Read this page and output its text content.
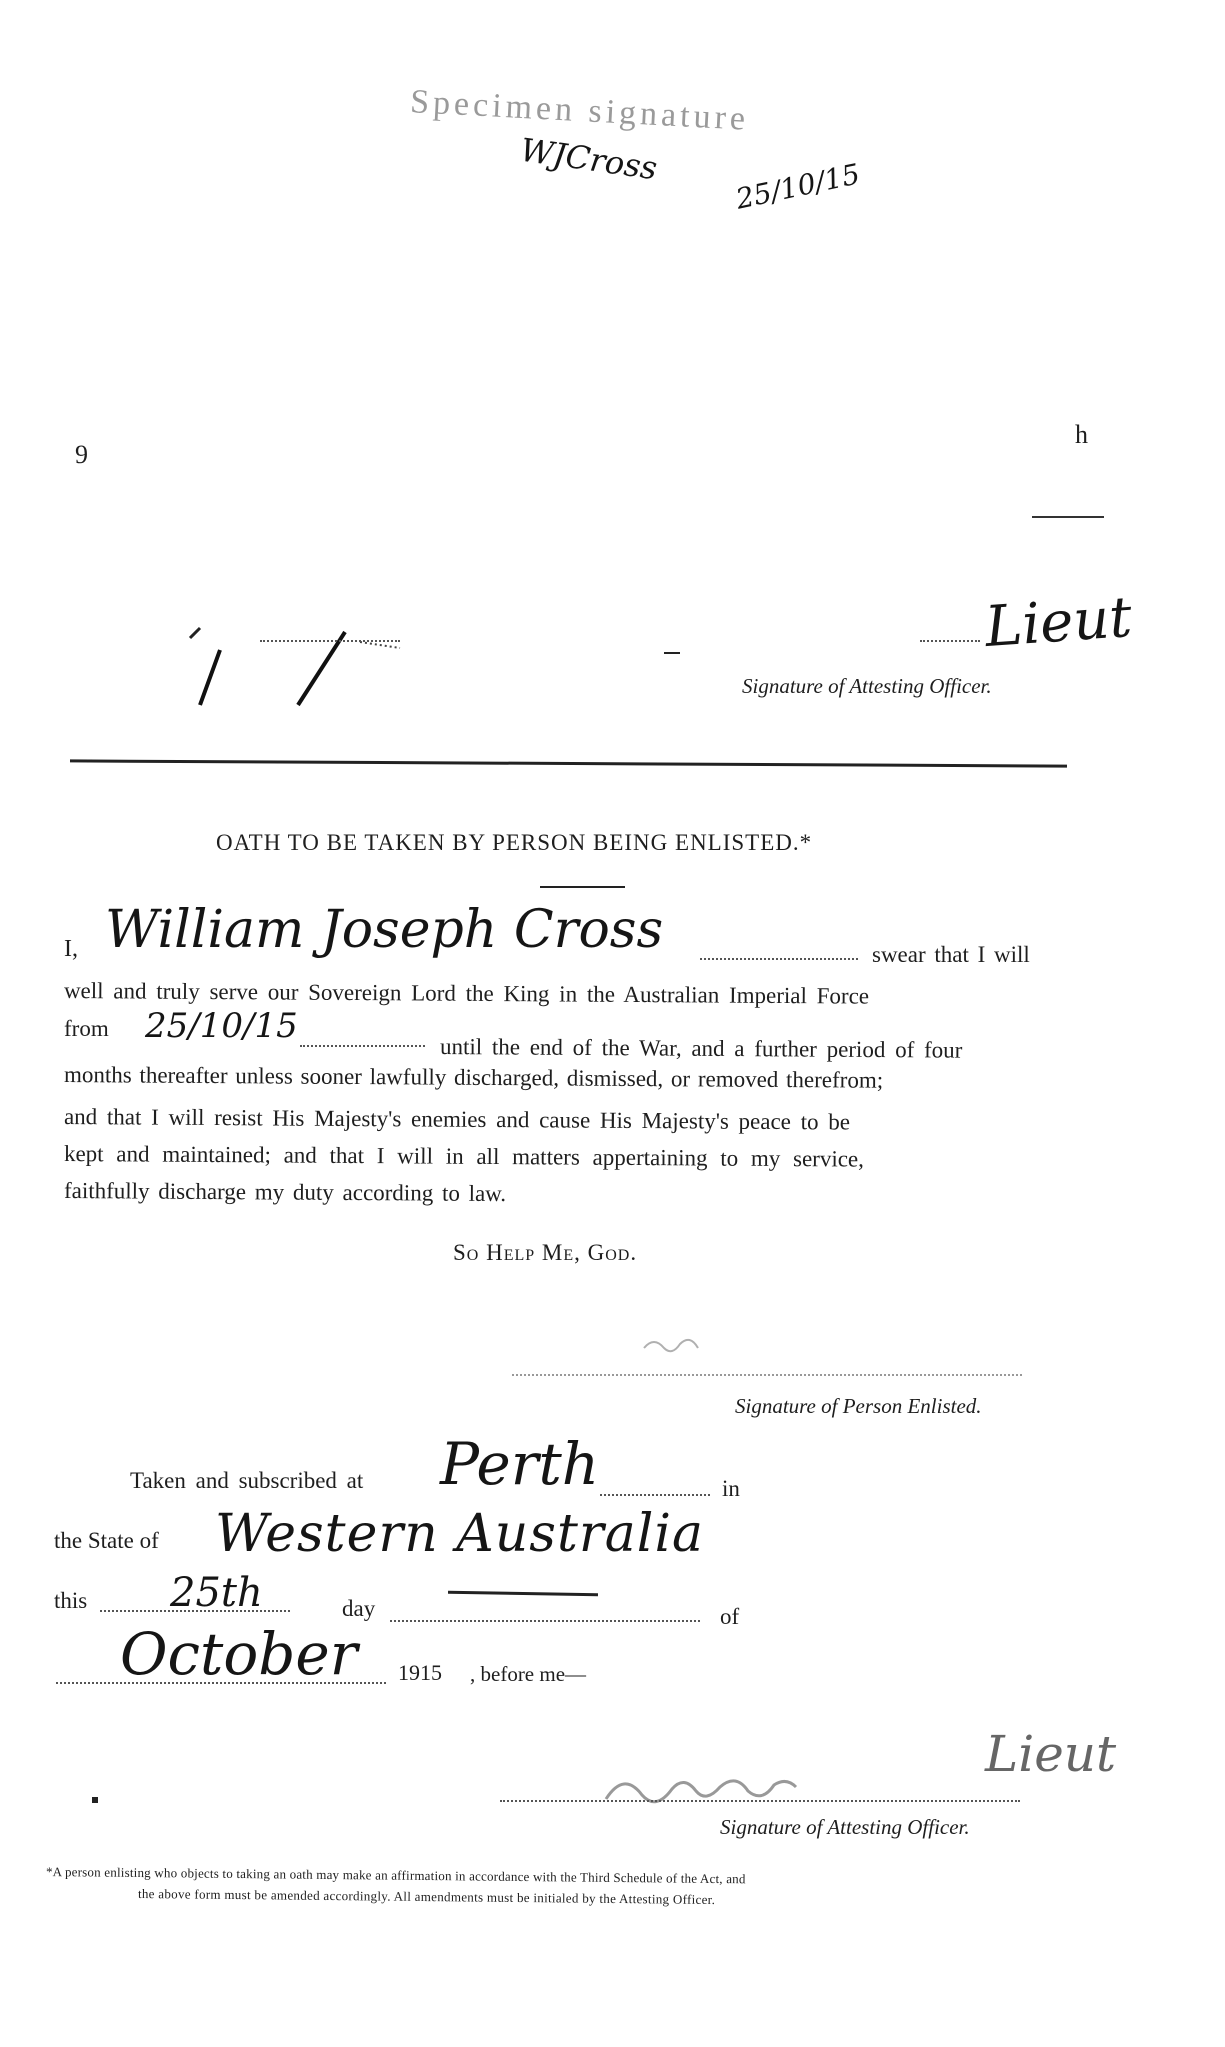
Specimen signature
WJCross	25/10/15
9
h
Lieut
Signature of Attesting Officer.
OATH TO BE TAKEN BY PERSON BEING ENLISTED.*
I, William Joseph Cross	swear that I will
well and truly serve our Sovereign Lord the King in the Australian Imperial Force
from 25/10/15
until the end of the War, and a further period of four
months thereafter unless sooner lawfully discharged, dismissed, or removed therefrom;
and that I will resist His Majesty's enemies and cause His Majesty's peace to be
kept and maintained; and that I will in all matters appertaining to my service,
faithfully discharge my duty according to law.
So Help Me, God.
Signature of Person Enlisted.
Taken and subscribed at Perth	in
the State of Western Australia
this 25th	day	of
October 1915 , before me—
Lieut
Signature of Attesting Officer.
*A person enlisting who objects to taking an oath may make an affirmation in accordance with the Third Schedule of the Act, and
the above form must be amended accordingly. All amendments must be initialed by the Attesting Officer.
